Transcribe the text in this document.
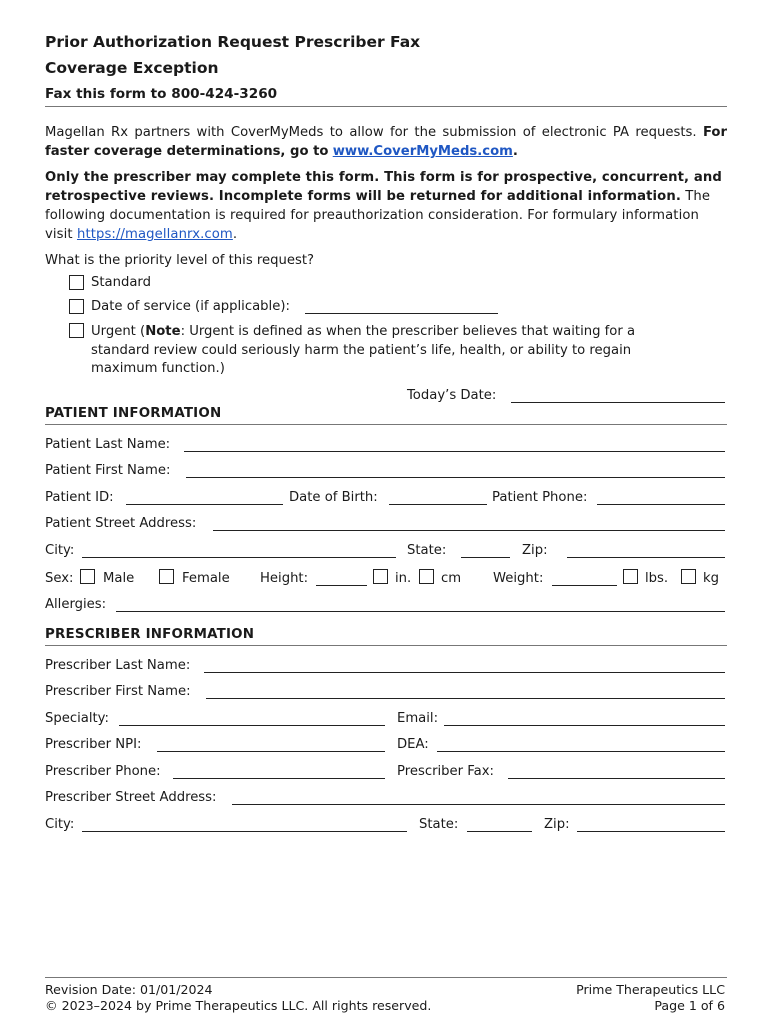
Prior Authorization Request Prescriber Fax
Coverage Exception
Fax this form to 800-424-3260
Magellan Rx partners with CoverMyMeds to allow for the submission of electronic PA requests. For faster coverage determinations, go to www.CoverMyMeds.com.
Only the prescriber may complete this form. This form is for prospective, concurrent, and retrospective reviews. Incomplete forms will be returned for additional information. The following documentation is required for preauthorization consideration. For formulary information visit https://magellanrx.com.
What is the priority level of this request?
Standard
Date of service (if applicable):
Urgent (Note: Urgent is defined as when the prescriber believes that waiting for a standard review could seriously harm the patient’s life, health, or ability to regain maximum function.)
Today’s Date:
PATIENT INFORMATION
Patient Last Name:
Patient First Name:
Patient ID:	Date of Birth:	Patient Phone:
Patient Street Address:
City:	State:	Zip:
Sex: Male	Female Height:	in. cm Weight:	lbs.	kg
Allergies:
PRESCRIBER INFORMATION
Prescriber Last Name:
Prescriber First Name:
Specialty:	Email:
Prescriber NPI:	DEA:
Prescriber Phone:	Prescriber Fax:
Prescriber Street Address:
City:	State:	Zip:
Revision Date: 01/01/2024
© 2023–2024 by Prime Therapeutics LLC. All rights reserved.
Prime Therapeutics LLC
Page 1 of 6
